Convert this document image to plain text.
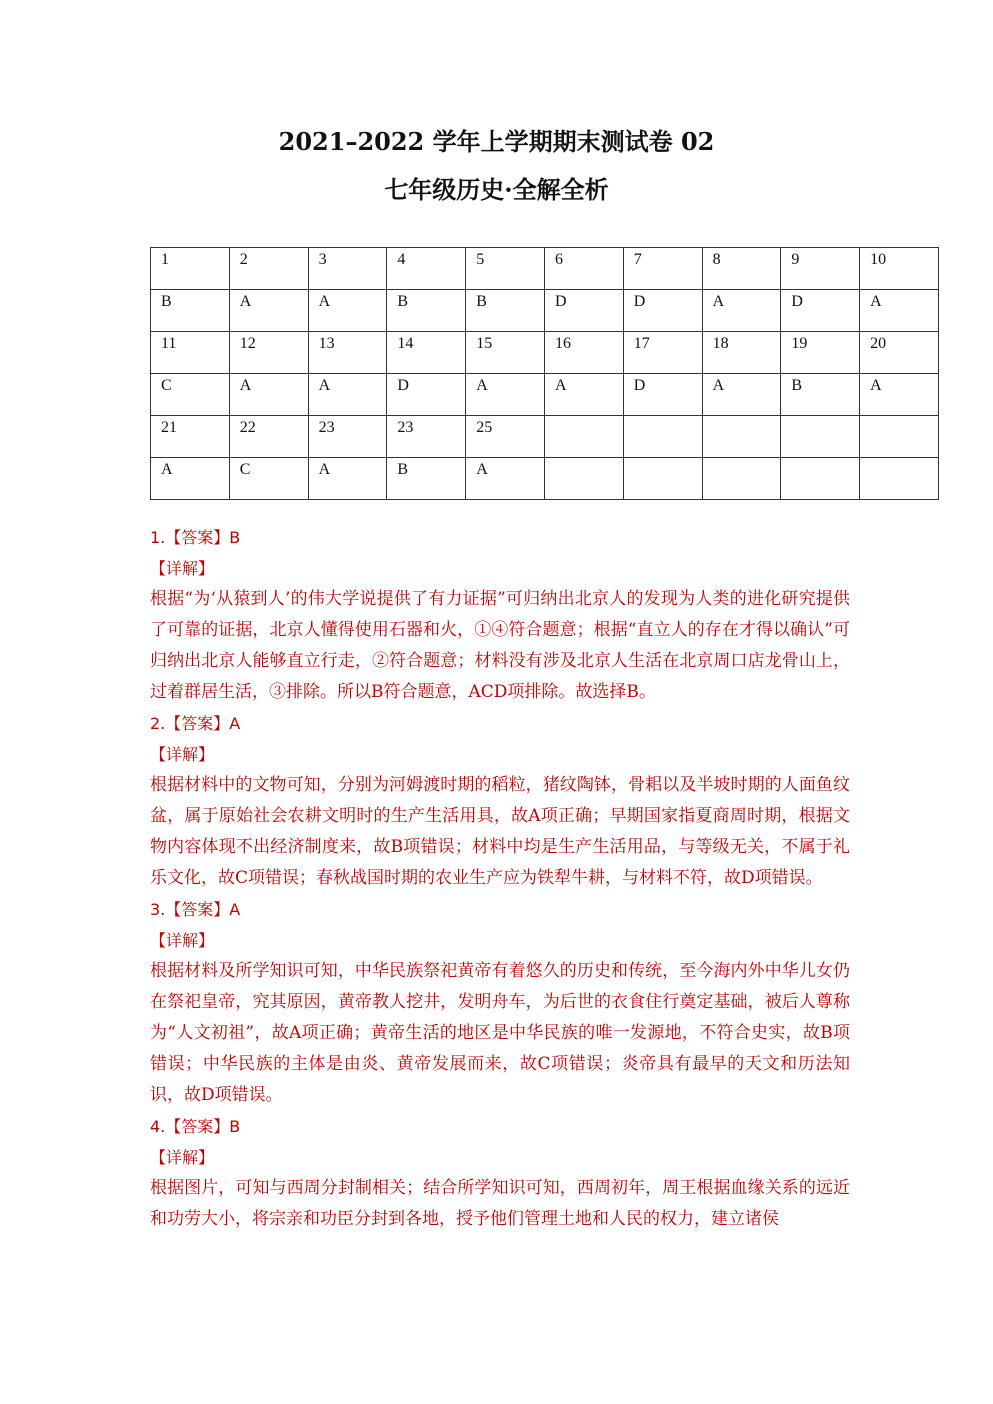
2021–2022 学年上学期期末测试卷 02
七年级历史·全解全析
1	2	3	4	5	6	7	8	9	10
B	A	A	B	B	D	D	A	D	A
11	12	13	14	15	16	17	18	19	20
C	A	A	D	A	A	D	A	B	A
21	22	23	23	25					
A	C	A	B	A					
1.【答案】B
【详解】
根据“为‘从猿到人’的伟大学说提供了有力证据”可归纳出北京人的发现为人类的进化研究提供了可靠的证据，北京人懂得使用石器和火，①④符合题意；根据“直立人的存在才得以确认”可归纳出北京人能够直立行走，②符合题意；材料没有涉及北京人生活在北京周口店龙骨山上，过着群居生活，③排除。所以B符合题意，ACD项排除。故选择B。
2.【答案】A
【详解】
根据材料中的文物可知，分别为河姆渡时期的稻粒，猪纹陶钵，骨耜以及半坡时期的人面鱼纹盆，属于原始社会农耕文明时的生产生活用具，故A项正确；早期国家指夏商周时期，根据文物内容体现不出经济制度来，故B项错误；材料中均是生产生活用品，与等级无关，不属于礼乐文化，故C项错误；春秋战国时期的农业生产应为铁犁牛耕，与材料不符，故D项错误。
3.【答案】A
【详解】
根据材料及所学知识可知，中华民族祭祀黄帝有着悠久的历史和传统，至今海内外中华儿女仍在祭祀皇帝，究其原因，黄帝教人挖井，发明舟车，为后世的衣食住行奠定基础，被后人尊称为“人文初祖”，故A项正确；黄帝生活的地区是中华民族的唯一发源地，不符合史实，故B项错误；中华民族的主体是由炎、黄帝发展而来，故C项错误；炎帝具有最早的天文和历法知识，故D项错误。
4.【答案】B
【详解】
根据图片，可知与西周分封制相关；结合所学知识可知，西周初年，周王根据血缘关系的远近和功劳大小，将宗亲和功臣分封到各地，授予他们管理土地和人民的权力，建立诸侯
